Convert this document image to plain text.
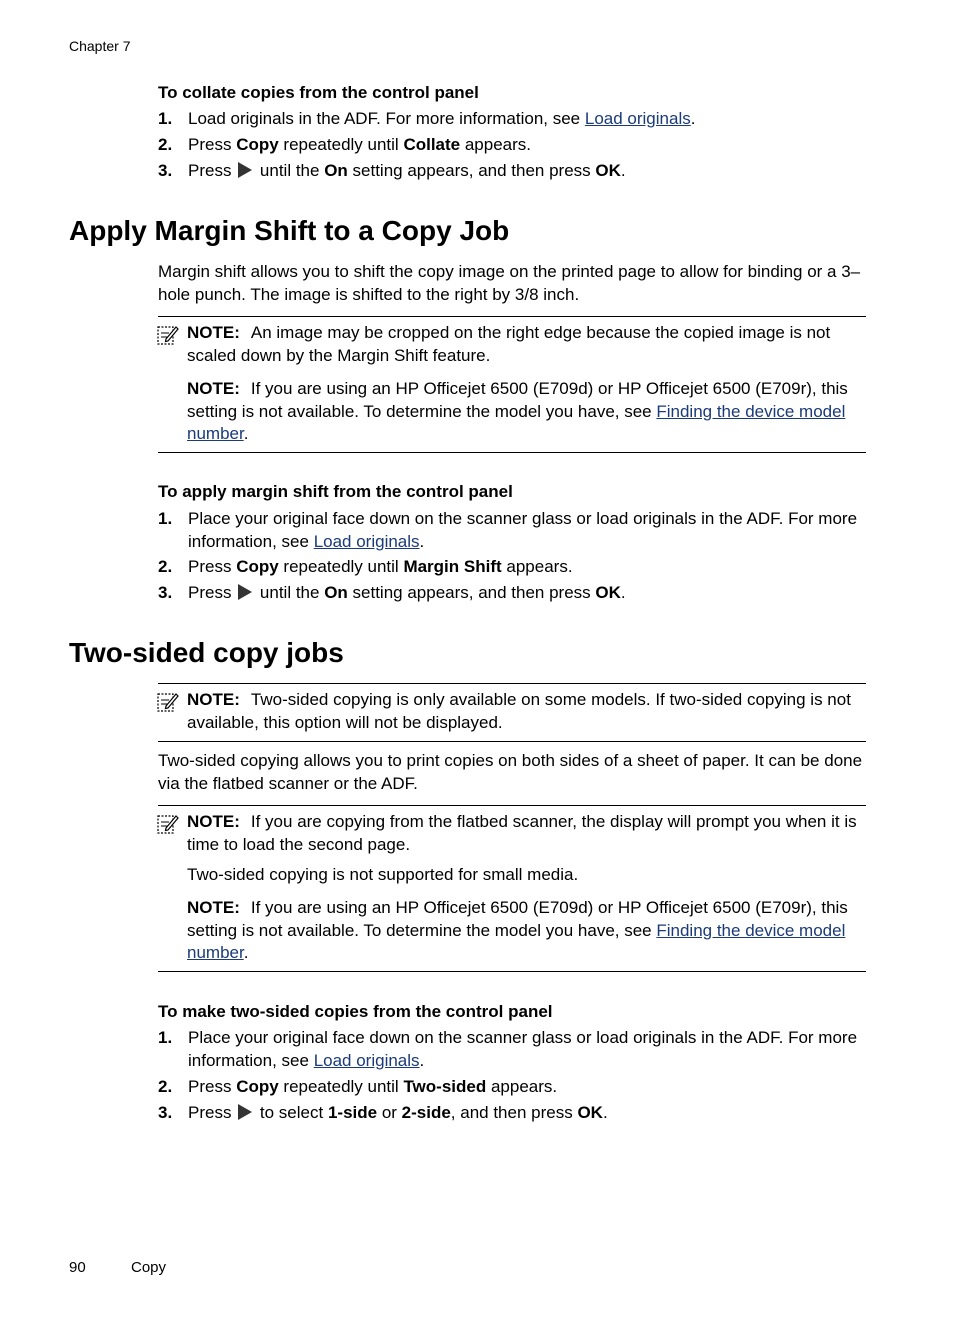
Chapter 7
To collate copies from the control panel
1. Load originals in the ADF. For more information, see Load originals.
2. Press Copy repeatedly until Collate appears.
3. Press  until the On setting appears, and then press OK.
Apply Margin Shift to a Copy Job
Margin shift allows you to shift the copy image on the printed page to allow for binding or a 3–hole punch. The image is shifted to the right by 3/8 inch.
NOTE: An image may be cropped on the right edge because the copied image is not scaled down by the Margin Shift feature.
NOTE: If you are using an HP Officejet 6500 (E709d) or HP Officejet 6500 (E709r), this setting is not available. To determine the model you have, see Finding the device model number.
To apply margin shift from the control panel
1. Place your original face down on the scanner glass or load originals in the ADF. For more information, see Load originals.
2. Press Copy repeatedly until Margin Shift appears.
3. Press  until the On setting appears, and then press OK.
Two-sided copy jobs
NOTE: Two-sided copying is only available on some models. If two-sided copying is not available, this option will not be displayed.
Two-sided copying allows you to print copies on both sides of a sheet of paper. It can be done via the flatbed scanner or the ADF.
NOTE: If you are copying from the flatbed scanner, the display will prompt you when it is time to load the second page.
Two-sided copying is not supported for small media.
NOTE: If you are using an HP Officejet 6500 (E709d) or HP Officejet 6500 (E709r), this setting is not available. To determine the model you have, see Finding the device model number.
To make two-sided copies from the control panel
1. Place your original face down on the scanner glass or load originals in the ADF. For more information, see Load originals.
2. Press Copy repeatedly until Two-sided appears.
3. Press  to select 1-side or 2-side, and then press OK.
90	Copy
